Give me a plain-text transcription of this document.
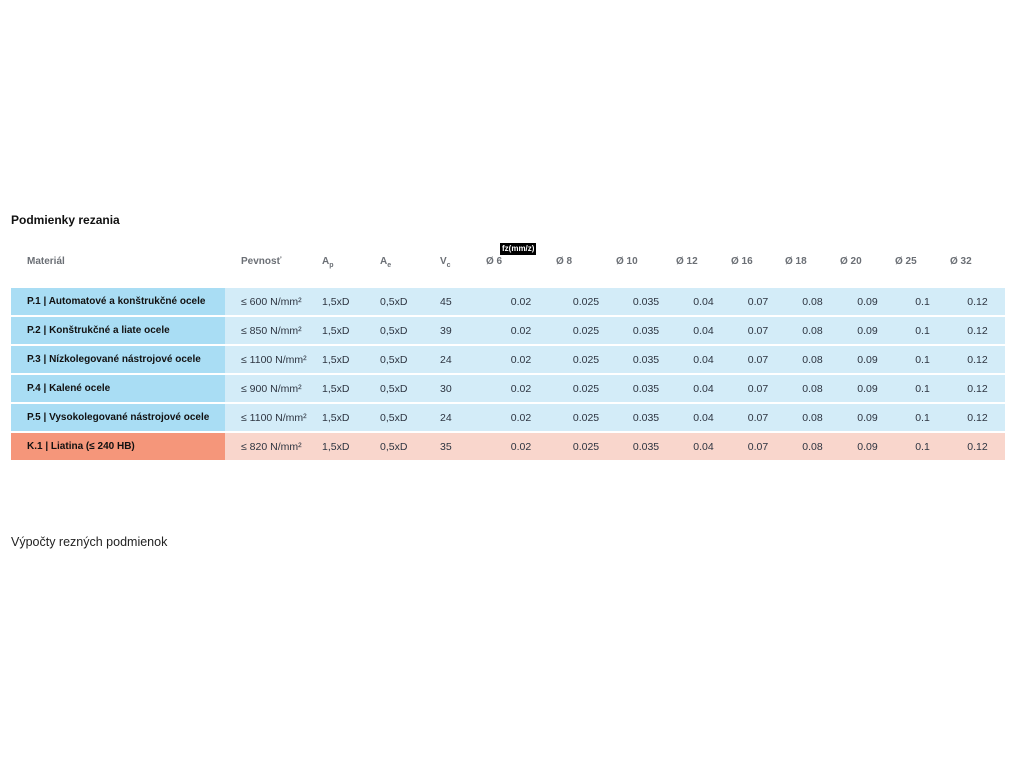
Podmienky rezania
fz(mm/z)
Materiál	Pevnosť	$A_p$	$A_e$	$V_c$	Ø 6	Ø 8	Ø 10	Ø 12	Ø 16	Ø 18	Ø 20	Ø 25	Ø 32
P.1 | Automatové a konštrukčné ocele	≤ 600 N/mm²	1,5xD	0,5xD	45	0.02	0.025	0.035	0.04	0.07	0.08	0.09	0.1	0.12
P.2 | Konštrukčné a liate ocele	≤ 850 N/mm²	1,5xD	0,5xD	39	0.02	0.025	0.035	0.04	0.07	0.08	0.09	0.1	0.12
P.3 | Nízkolegované nástrojové ocele	≤ 1100 N/mm²	1,5xD	0,5xD	24	0.02	0.025	0.035	0.04	0.07	0.08	0.09	0.1	0.12
P.4 | Kalené ocele	≤ 900 N/mm²	1,5xD	0,5xD	30	0.02	0.025	0.035	0.04	0.07	0.08	0.09	0.1	0.12
P.5 | Vysokolegované nástrojové ocele	≤ 1100 N/mm²	1,5xD	0,5xD	24	0.02	0.025	0.035	0.04	0.07	0.08	0.09	0.1	0.12
K.1 | Liatina (≤ 240 HB)	≤ 820 N/mm²	1,5xD	0,5xD	35	0.02	0.025	0.035	0.04	0.07	0.08	0.09	0.1	0.12
Výpočty rezných podmienok
